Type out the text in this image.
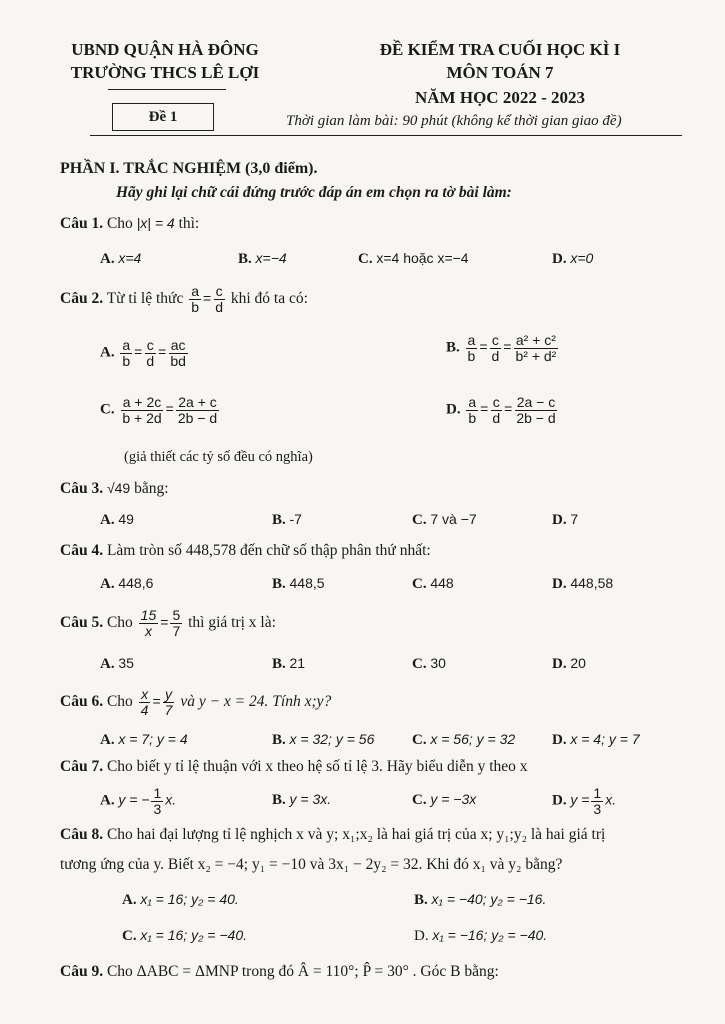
UBND QUẬN HÀ ĐÔNG
TRƯỜNG THCS LÊ LỢI
Đề 1
ĐỀ KIỂM TRA CUỐI HỌC KÌ I
MÔN TOÁN 7
NĂM HỌC 2022 - 2023
Thời gian làm bài: 90 phút (không kể thời gian giao đề)
PHẦN I. TRẮC NGHIỆM (3,0 điểm).
Hãy ghi lại chữ cái đứng trước đáp án em chọn ra tờ bài làm:
Câu 1. Cho |x| = 4 thì:
A. x=4	B. x=−4	C. x=4 hoặc x=−4	D. x=0
Câu 2. Từ tỉ lệ thức $\frac{a}{b} = \frac{c}{d}$ khi đó ta có:
A. $\frac{a}{b} = \frac{c}{d} = \frac{ac}{bd}$	B. $\frac{a}{b} = \frac{c}{d} = \frac{\text{a² + c²}}{\text{b² + d²}}$
C. $\frac{a + 2c}{b + 2d} = \frac{2a + c}{2b - d}$	D. $\frac{a}{b} = \frac{c}{d} = \frac{2a - c}{2b - d}$
(giả thiết các tỷ số đều có nghĩa)
Câu 3. √49 bằng:
A. 49	B. -7	C. 7 và −7	D. 7
Câu 4. Làm tròn số 448,578 đến chữ số thập phân thứ nhất:
A. 448,6	B. 448,5	C. 448	D. 448,58
Câu 5. Cho $\frac{15}{x} = \frac{5}{7}$ thì giá trị x là:
A. 35	B. 21	C. 30	D. 20
Câu 6. Cho $\frac{x}{4} = \frac{y}{7}$ và y − x = 24. Tính x;y?
A. x = 7; y = 4	B. x = 32; y = 56	C. x = 56; y = 32 D. x = 4; y = 7
Câu 7. Cho biết y tỉ lệ thuận với x theo hệ số tỉ lệ 3. Hãy biểu diễn y theo x
A. y = − $\frac{1}{3} x$.	B. y = 3x.	C. y = −3x	D. $y = \frac{1}{3} x$.
Câu 8. Cho hai đại lượng tỉ lệ nghịch x và y; x₁;x₂ là hai giá trị của x; y₁;y₂ là hai giá trị
tương ứng của y. Biết x₂ = −4; y₁ = −10 và 3x₁ − 2y₂ = 32. Khi đó x₁ và y₂ bằng?
A. x₁ = 16; y₂ = 40.	B. x₁ = −40; y₂ = −16.
C. x₁ = 16; y₂ = −40.	D. x₁ = −16; y₂ = −40.
Câu 9. Cho ΔABC = ΔMNP trong đó Â = 110°; P̂ = 30° . Góc B bằng:
